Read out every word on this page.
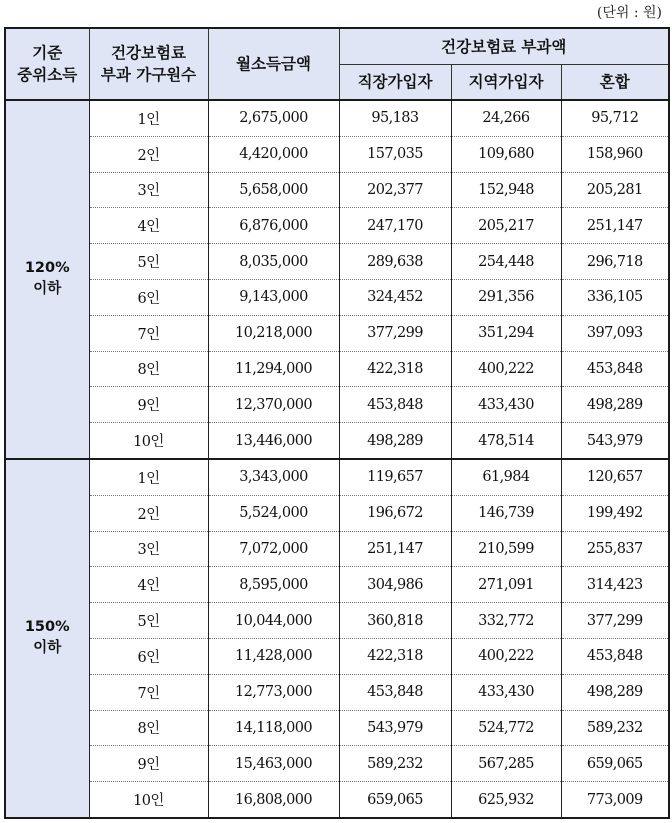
(단위 : 원)
기준
중위소득	건강보험료
부과 가구원수	월소득금액	건강보험료 부과액		
			직장가입자	지역가입자	혼합

120%
이하	1인	2,675,000	95,183	24,266	95,712
	2인	4,420,000	157,035	109,680	158,960
	3인	5,658,000	202,377	152,948	205,281
	4인	6,876,000	247,170	205,217	251,147
	5인	8,035,000	289,638	254,448	296,718
	6인	9,143,000	324,452	291,356	336,105
	7인	10,218,000	377,299	351,294	397,093
	8인	11,294,000	422,318	400,222	453,848
	9인	12,370,000	453,848	433,430	498,289
	10인	13,446,000	498,289	478,514	543,979

150%
이하	1인	3,343,000	119,657	61,984	120,657
	2인	5,524,000	196,672	146,739	199,492
	3인	7,072,000	251,147	210,599	255,837
	4인	8,595,000	304,986	271,091	314,423
	5인	10,044,000	360,818	332,772	377,299
	6인	11,428,000	422,318	400,222	453,848
	7인	12,773,000	453,848	433,430	498,289
	8인	14,118,000	543,979	524,772	589,232
	9인	15,463,000	589,232	567,285	659,065
	10인	16,808,000	659,065	625,932	773,009
